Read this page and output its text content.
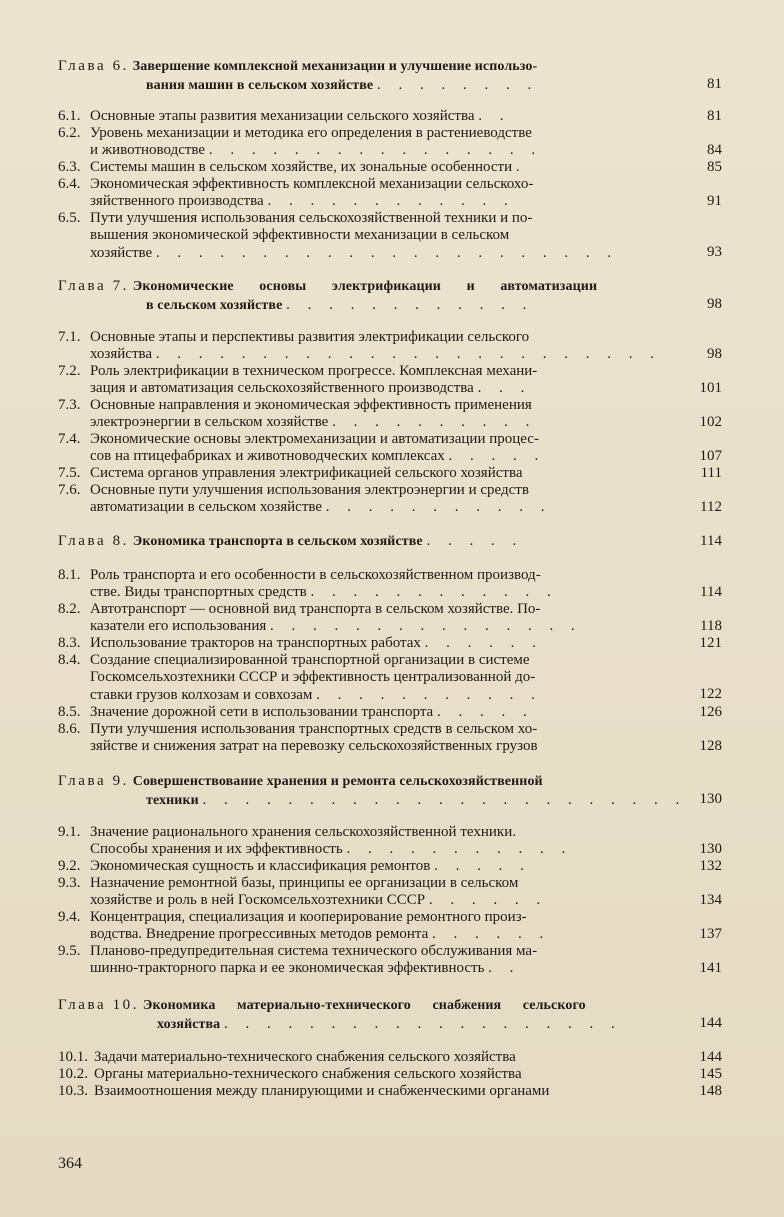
Глава 6. Завершение комплексной механизации и улучшение использо-
вания машин в сельском хозяйстве . . . . . . . .	81
6.1. Основные этапы развития механизации сельского хозяйства . .	81
6.2. Уровень механизации и методика его определения в растениеводстве
и животноводстве . . . . . . . . . . . . . . . .	84
6.3. Системы машин в сельском хозяйстве, их зональные особенности .	85
6.4. Экономическая эффективность комплексной механизации сельскохо-
зяйственного производства . . . . . . . . . . . .	91
6.5. Пути улучшения использования сельскохозяйственной техники и по-
вышения экономической эффективности механизации в сельском
хозяйстве . . . . . . . . . . . . . . . . . . . . . .	93
Глава 7. Экономические основы электрификации и автоматизации
в сельском хозяйстве . . . . . . . . . . . .	98
7.1. Основные этапы и перспективы развития электрификации сельского
хозяйства . . . . . . . . . . . . . . . . . . . . . . . .	98
7.2. Роль электрификации в техническом прогрессе. Комплексная механи-
зация и автоматизация сельскохозяйственного производства . . .	101
7.3. Основные направления и экономическая эффективность применения
электроэнергии в сельском хозяйстве . . . . . . . . . .	102
7.4. Экономические основы электромеханизации и автоматизации процес-
сов на птицефабриках и животноводческих комплексах . . . . .	107
7.5. Система органов управления электрификацией сельского хозяйства	111
7.6. Основные пути улучшения использования электроэнергии и средств
автоматизации в сельском хозяйстве . . . . . . . . . . .	112
Глава 8. Экономика транспорта в сельском хозяйстве . . . . .	114
8.1. Роль транспорта и его особенности в сельскохозяйственном производ-
стве. Виды транспортных средств . . . . . . . . . . . .	114
8.2. Автотранспорт — основной вид транспорта в сельском хозяйстве. По-
казатели его использования . . . . . . . . . . . . . . .	118
8.3. Использование тракторов на транспортных работах . . . . . .	121
8.4. Создание специализированной транспортной организации в системе
Госкомсельхозтехники СССР и эффективность централизованной до-
ставки грузов колхозам и совхозам . . . . . . . . . . .	122
8.5. Значение дорожной сети в использовании транспорта . . . . .	126
8.6. Пути улучшения использования транспортных средств в сельском хо-
зяйстве и снижения затрат на перевозку сельскохозяйственных грузов	128
Глава 9. Совершенствование хранения и ремонта сельскохозяйственной
техники . . . . . . . . . . . . . . . . . . . . . . . 130
9.1. Значение рационального хранения сельскохозяйственной техники.
Способы хранения и их эффективность . . . . . . . . . . .	130
9.2. Экономическая сущность и классификация ремонтов . . . . .	132
9.3. Назначение ремонтной базы, принципы ее организации в сельском
хозяйстве и роль в ней Госкомсельхозтехники СССР . . . . . .	134
9.4. Концентрация, специализация и кооперирование ремонтного произ-
водства. Внедрение прогрессивных методов ремонта . . . . . .	137
9.5. Планово-предупредительная система технического обслуживания ма-
шинно-тракторного парка и ее экономическая эффективность . .	141
Глава 10. Экономика материально-технического снабжения сельского
хозяйства . . . . . . . . . . . . . . . . . . .	144
10.1. Задачи материально-технического снабжения сельского хозяйства	144
10.2. Органы материально-технического снабжения сельского хозяйства	145
10.3. Взаимоотношения между планирующими и снабженческими органами	148
364
